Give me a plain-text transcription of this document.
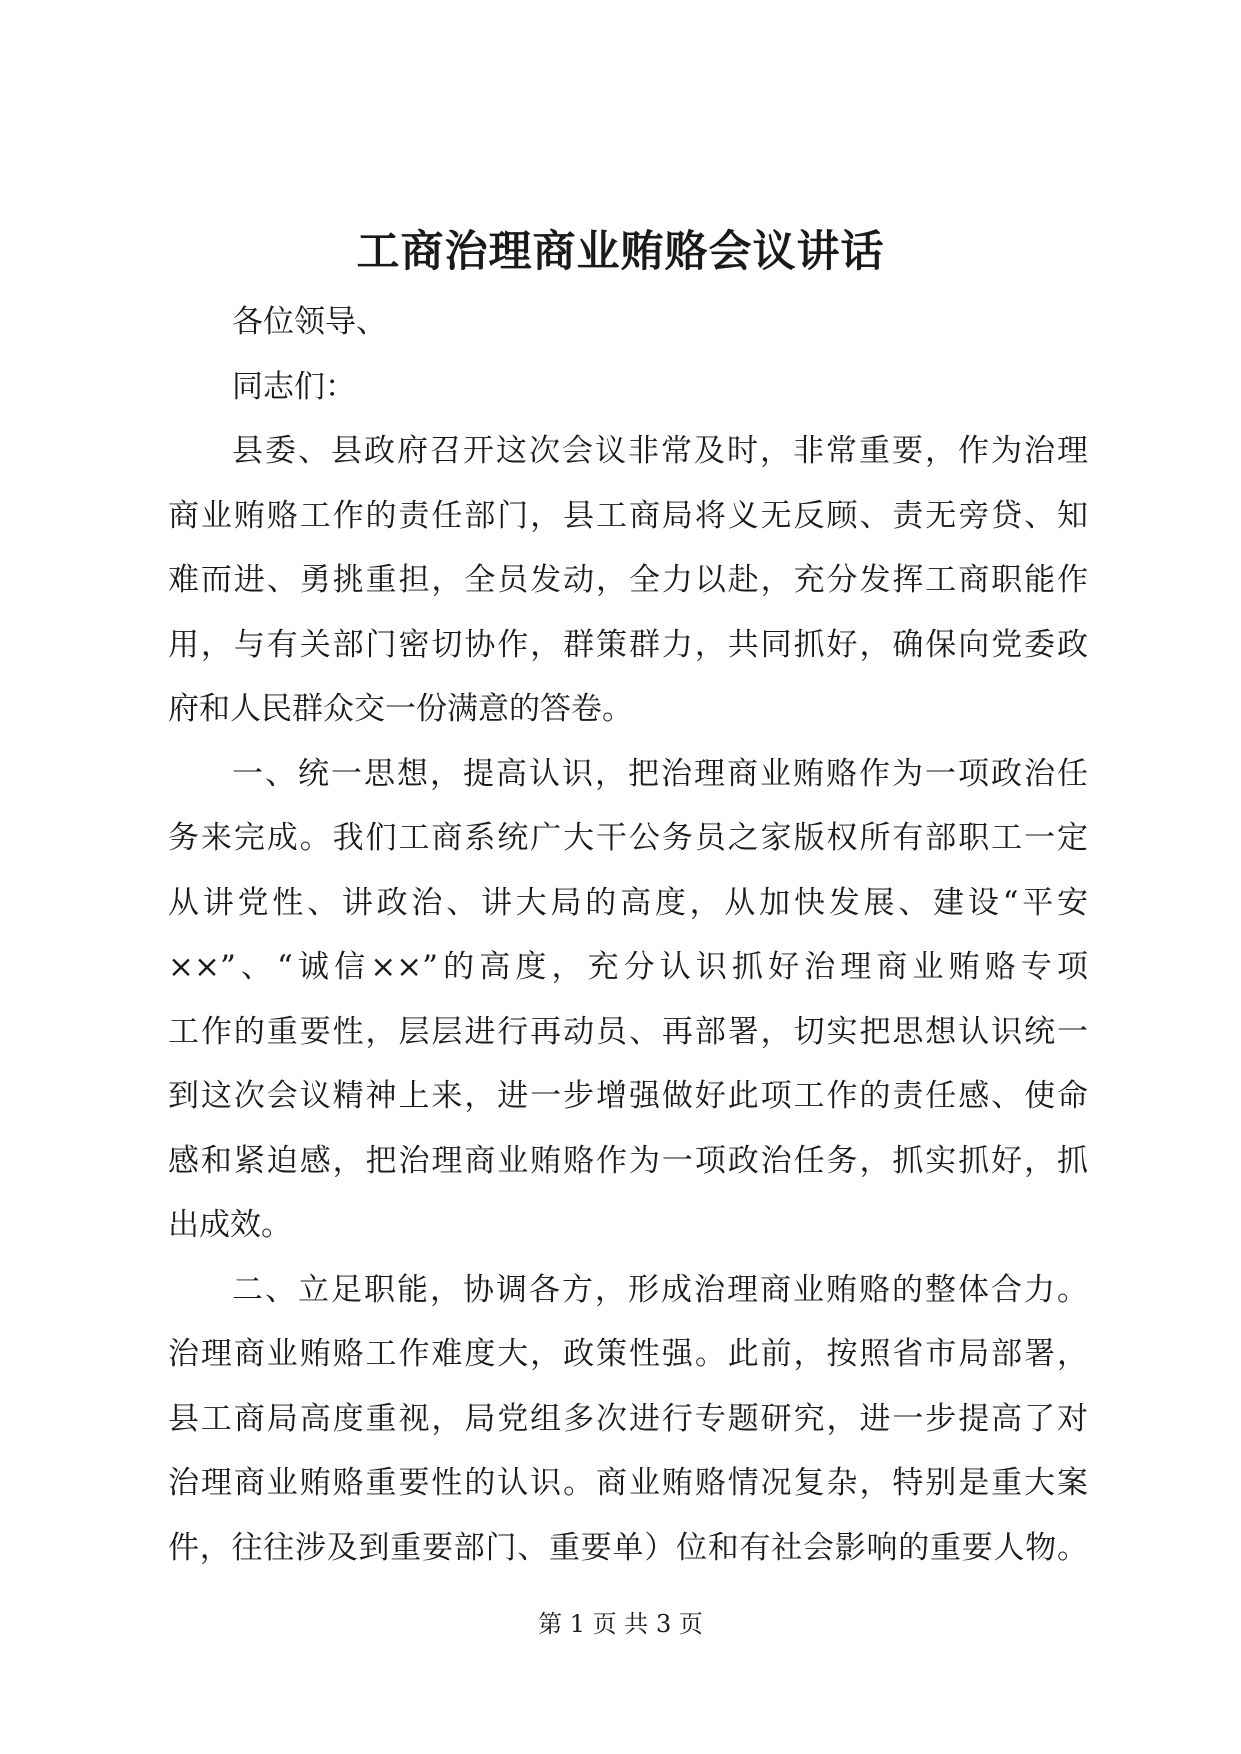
工商治理商业贿赂会议讲话
各位领导、
同志们：
县委、县政府召开这次会议非常及时，非常重要，作为治理
商业贿赂工作的责任部门，县工商局将义无反顾、责无旁贷、知
难而进、勇挑重担，全员发动，全力以赴，充分发挥工商职能作
用，与有关部门密切协作，群策群力，共同抓好，确保向党委政
府和人民群众交一份满意的答卷。
一、统一思想，提高认识，把治理商业贿赂作为一项政治任
务来完成。我们工商系统广大干公务员之家版权所有部职工一定
从讲党性、讲政治、讲大局的高度，从加快发展、建设“平安
××”、“诚信××”的高度，充分认识抓好治理商业贿赂专项
工作的重要性，层层进行再动员、再部署，切实把思想认识统一
到这次会议精神上来，进一步增强做好此项工作的责任感、使命
感和紧迫感，把治理商业贿赂作为一项政治任务，抓实抓好，抓
出成效。
二、立足职能，协调各方，形成治理商业贿赂的整体合力。
治理商业贿赂工作难度大，政策性强。此前，按照省市局部署，
县工商局高度重视，局党组多次进行专题研究，进一步提高了对
治理商业贿赂重要性的认识。商业贿赂情况复杂，特别是重大案
件，往往涉及到重要部门、重要单）位和有社会影响的重要人物。
第 1 页 共 3 页
